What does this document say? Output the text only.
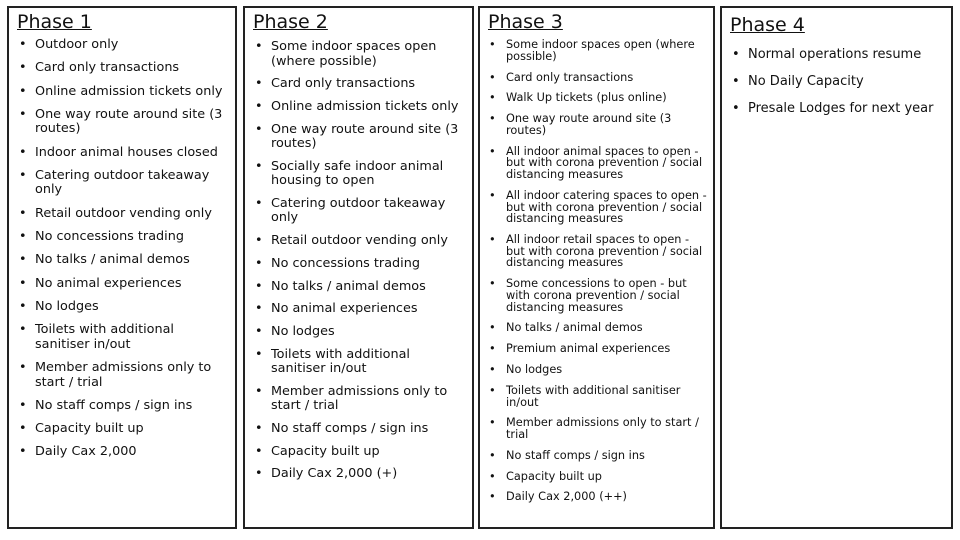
Phase 1
• Outdoor only
• Card only transactions
• Online admission tickets only
• One way route around site (3 routes)
• Indoor animal houses closed
• Catering outdoor takeaway only
• Retail outdoor vending only
• No concessions trading
• No talks / animal demos
• No animal experiences
• No lodges
• Toilets with additional sanitiser in/out
• Member admissions only to start / trial
• No staff comps / sign ins
• Capacity built up
• Daily Cax 2,000
Phase 2
• Some indoor spaces open (where possible)
• Card only transactions
• Online admission tickets only
• One way route around site (3 routes)
• Socially safe indoor animal housing to open
• Catering outdoor takeaway only
• Retail outdoor vending only
• No concessions trading
• No talks / animal demos
• No animal experiences
• No lodges
• Toilets with additional sanitiser in/out
• Member admissions only to start / trial
• No staff comps / sign ins
• Capacity built up
• Daily Cax 2,000 (+)
Phase 3
• Some indoor spaces open (where possible)
• Card only transactions
• Walk Up tickets (plus online)
• One way route around site (3 routes)
• All indoor animal spaces to open - but with corona prevention / social distancing measures
• All indoor catering spaces to open - but with corona prevention / social distancing measures
• All indoor retail spaces to open - but with corona prevention / social distancing measures
• Some concessions to open - but with corona prevention / social distancing measures
• No talks / animal demos
• Premium animal experiences
• No lodges
• Toilets with additional sanitiser in/out
• Member admissions only to start / trial
• No staff comps / sign ins
• Capacity built up
• Daily Cax 2,000 (++)
Phase 4
• Normal operations resume
• No Daily Capacity
• Presale Lodges for next year
